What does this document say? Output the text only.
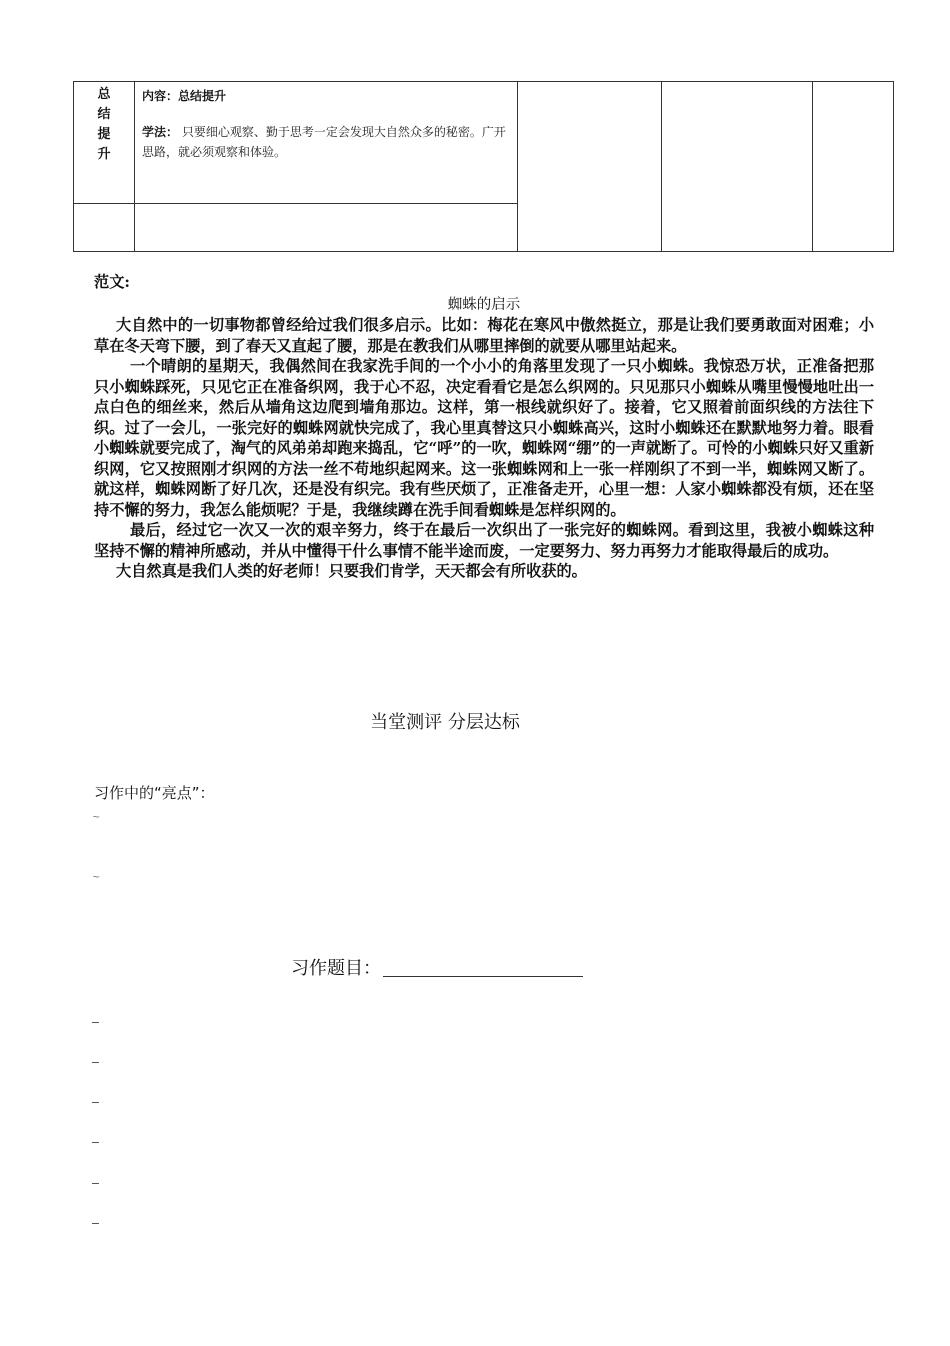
总
结
提
升
内容：总结提升
学法： 只要细心观察、勤于思考一定会发现大自然众多的秘密。广开思路，就必须观察和体验。
范文:
蜘蛛的启示

大自然中的一切事物都曾经给过我们很多启示。比如：梅花在寒风中傲然挺立，那是让我们要勇敢面对困难；小草在冬天弯下腰，到了春天又直起了腰，那是在教我们从哪里摔倒的就要从哪里站起来。

一个晴朗的星期天，我偶然间在我家洗手间的一个小小的角落里发现了一只小蜘蛛。我惊恐万状，正准备把那只小蜘蛛踩死，只见它正在准备织网，我于心不忍，决定看看它是怎么织网的。只见那只小蜘蛛从嘴里慢慢地吐出一点白色的细丝来，然后从墙角这边爬到墙角那边。这样，第一根线就织好了。接着，它又照着前面织线的方法往下织。过了一会儿，一张完好的蜘蛛网就快完成了，我心里真替这只小蜘蛛高兴，这时小蜘蛛还在默默地努力着。眼看小蜘蛛就要完成了，淘气的风弟弟却跑来捣乱，它“呼”的一吹，蜘蛛网“绷”的一声就断了。可怜的小蜘蛛只好又重新织网，它又按照刚才织网的方法一丝不苟地织起网来。这一张蜘蛛网和上一张一样刚织了不到一半，蜘蛛网又断了。就这样，蜘蛛网断了好几次，还是没有织完。我有些厌烦了，正准备走开，心里一想：人家小蜘蛛都没有烦，还在坚持不懈的努力，我怎么能烦呢？于是，我继续蹲在洗手间看蜘蛛是怎样织网的。

最后，经过它一次又一次的艰辛努力，终于在最后一次织出了一张完好的蜘蛛网。看到这里，我被小蜘蛛这种坚持不懈的精神所感动，并从中懂得干什么事情不能半途而废，一定要努力、努力再努力才能取得最后的成功。

大自然真是我们人类的好老师！只要我们肯学，天天都会有所收获的。

当堂测评 分层达标
习作中的“亮点”：
~
~
习作题目：
